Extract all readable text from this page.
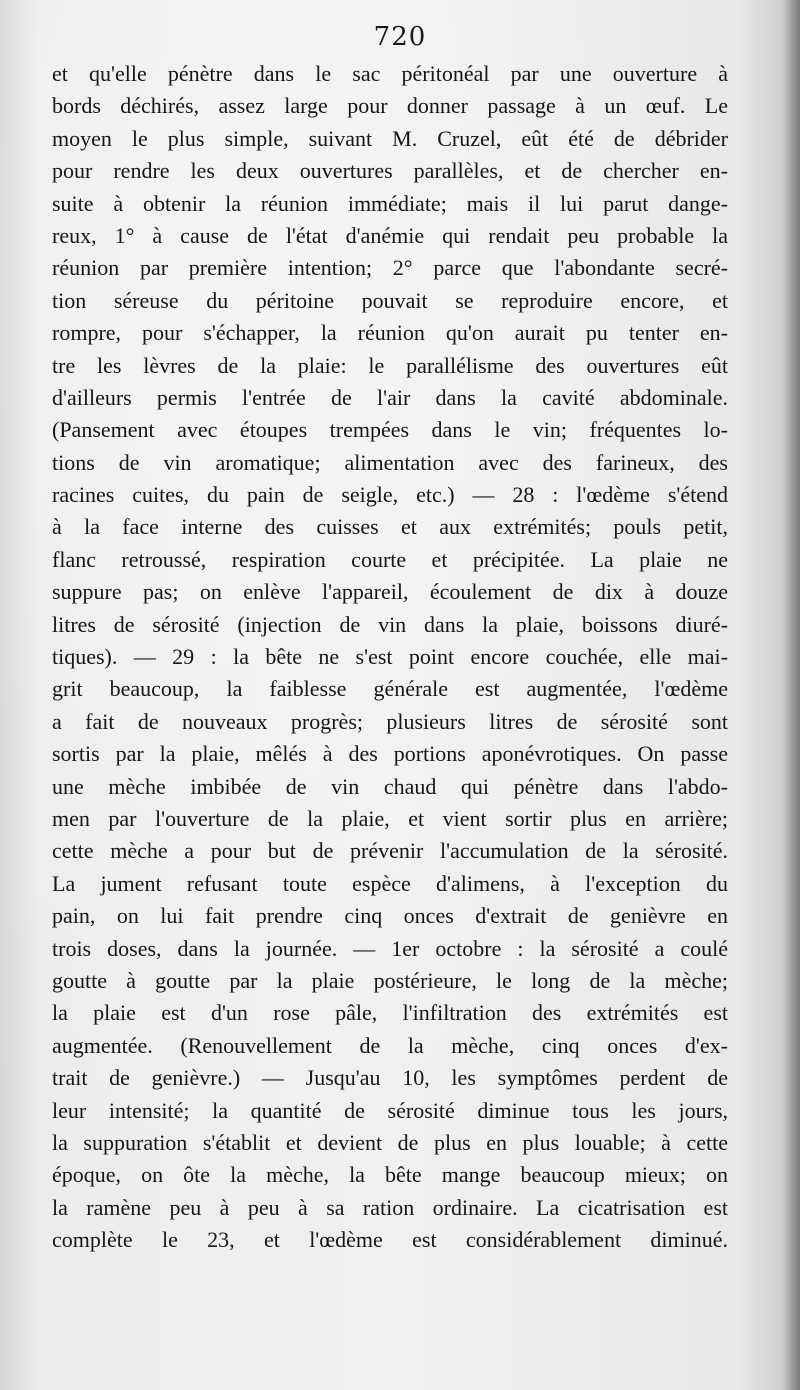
720
et qu'elle pénètre dans le sac péritonéal par une ouverture à
bords déchirés, assez large pour donner passage à un œuf. Le
moyen le plus simple, suivant M. Cruzel, eût été de débrider
pour rendre les deux ouvertures parallèles, et de chercher en-
suite à obtenir la réunion immédiate; mais il lui parut dange-
reux, 1° à cause de l'état d'anémie qui rendait peu probable la
réunion par première intention; 2° parce que l'abondante secré-
tion séreuse du péritoine pouvait se reproduire encore, et
rompre, pour s'échapper, la réunion qu'on aurait pu tenter en-
tre les lèvres de la plaie: le parallélisme des ouvertures eût
d'ailleurs permis l'entrée de l'air dans la cavité abdominale.
(Pansement avec étoupes trempées dans le vin; fréquentes lo-
tions de vin aromatique; alimentation avec des farineux, des
racines cuites, du pain de seigle, etc.) — 28 : l'œdème s'étend
à la face interne des cuisses et aux extrémités; pouls petit,
flanc retroussé, respiration courte et précipitée. La plaie ne
suppure pas; on enlève l'appareil, écoulement de dix à douze
litres de sérosité (injection de vin dans la plaie, boissons diuré-
tiques). — 29 : la bête ne s'est point encore couchée, elle mai-
grit beaucoup, la faiblesse générale est augmentée, l'œdème
a fait de nouveaux progrès; plusieurs litres de sérosité sont
sortis par la plaie, mêlés à des portions aponévrotiques. On passe
une mèche imbibée de vin chaud qui pénètre dans l'abdo-
men par l'ouverture de la plaie, et vient sortir plus en arrière;
cette mèche a pour but de prévenir l'accumulation de la sérosité.
La jument refusant toute espèce d'alimens, à l'exception du
pain, on lui fait prendre cinq onces d'extrait de genièvre en
trois doses, dans la journée. — 1er octobre : la sérosité a coulé
goutte à goutte par la plaie postérieure, le long de la mèche;
la plaie est d'un rose pâle, l'infiltration des extrémités est
augmentée. (Renouvellement de la mèche, cinq onces d'ex-
trait de genièvre.) — Jusqu'au 10, les symptômes perdent de
leur intensité; la quantité de sérosité diminue tous les jours,
la suppuration s'établit et devient de plus en plus louable; à cette
époque, on ôte la mèche, la bête mange beaucoup mieux; on
la ramène peu à peu à sa ration ordinaire. La cicatrisation est
complète le 23, et l'œdème est considérablement diminué.
